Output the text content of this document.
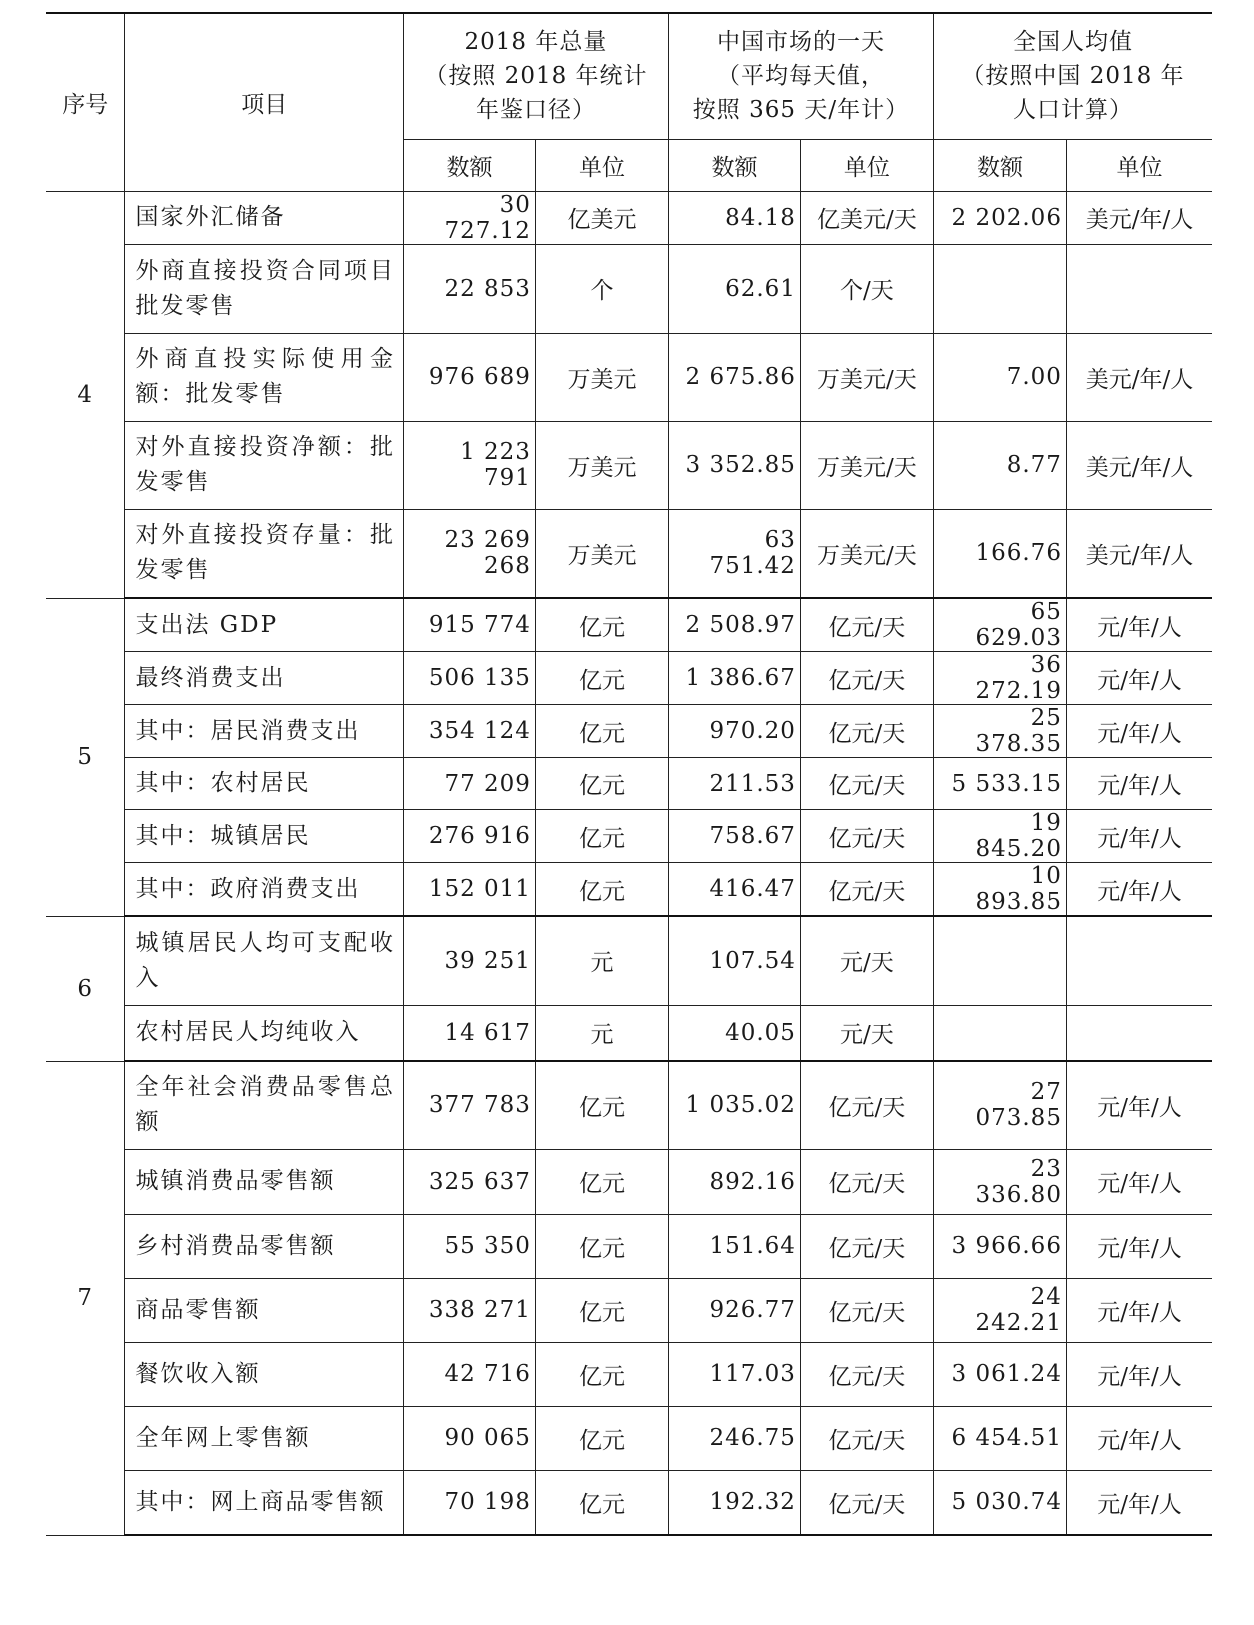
序号	项目	2018 年总量
（按照 2018 年统计
年鉴口径）		中国市场的一天
（平均每天值，
按照 365 天/年计）		全国人均值
（按照中国 2018 年
人口计算）	
		数额	单位	数额	单位	数额	单位
4	国家外汇储备	30 727.12	亿美元	84.18	亿美元/天	2 202.06	美元/年/人
	外商直接投资合同项目批发零售	22 853	个	62.61	个/天		
	外商直投实际使用金额：批发零售	976 689	万美元	2 675.86	万美元/天	7.00	美元/年/人
	对外直接投资净额：批发零售	1 223 791	万美元	3 352.85	万美元/天	8.77	美元/年/人
	对外直接投资存量：批发零售	23 269 268	万美元	63 751.42	万美元/天	166.76	美元/年/人
5	支出法 GDP	915 774	亿元	2 508.97	亿元/天	65 629.03	元/年/人
	最终消费支出	506 135	亿元	1 386.67	亿元/天	36 272.19	元/年/人
	其中：居民消费支出	354 124	亿元	970.20	亿元/天	25 378.35	元/年/人
	其中：农村居民	77 209	亿元	211.53	亿元/天	5 533.15	元/年/人
	其中：城镇居民	276 916	亿元	758.67	亿元/天	19 845.20	元/年/人
	其中：政府消费支出	152 011	亿元	416.47	亿元/天	10 893.85	元/年/人
6	城镇居民人均可支配收入	39 251	元	107.54	元/天		
	农村居民人均纯收入	14 617	元	40.05	元/天		
7	全年社会消费品零售总额	377 783	亿元	1 035.02	亿元/天	27 073.85	元/年/人
	城镇消费品零售额	325 637	亿元	892.16	亿元/天	23 336.80	元/年/人
	乡村消费品零售额	55 350	亿元	151.64	亿元/天	3 966.66	元/年/人
	商品零售额	338 271	亿元	926.77	亿元/天	24 242.21	元/年/人
	餐饮收入额	42 716	亿元	117.03	亿元/天	3 061.24	元/年/人
	全年网上零售额	90 065	亿元	246.75	亿元/天	6 454.51	元/年/人
	其中：网上商品零售额	70 198	亿元	192.32	亿元/天	5 030.74	元/年/人
